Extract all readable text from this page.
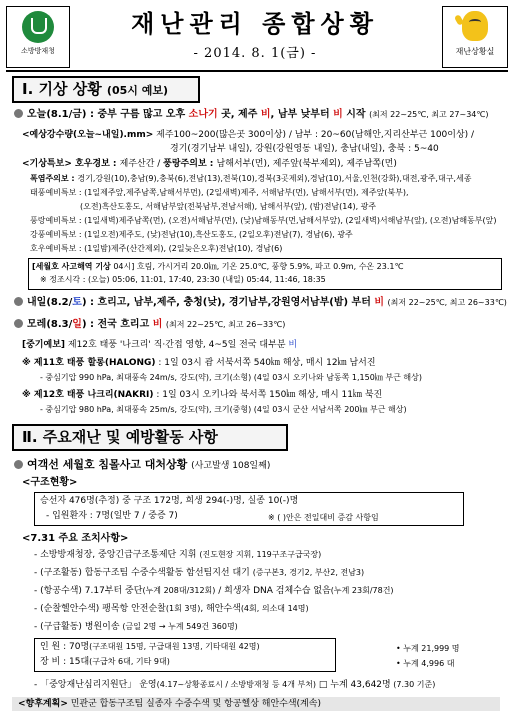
소방방재청
재난관리 종합상황
- 2014. 8. 1(금) -	재난상황실
Ⅰ. 기상 상황 (05시 예보)
오늘(8.1/금) : 중부 구름 많고 오후 소나기 곳, 제주 비, 남부 낮부터 비 시작 (최저 22~25℃, 최고 27~34℃)
<예상강수량(오늘~내일).mm> 제주100~200(많은곳 300이상) / 남부 : 20~60(남해안,지리산부근 100이상) /
경기(경기남부 내일), 강원(강원영동 내일), 충남(내일), 충북 : 5~40
<기상특보> 호우경보 : 제주산간 / 풍랑주의보 : 남해서부(먼), 제주앞(북부제외), 제주남쪽(먼)
폭염주의보 : 경기,강원(10),충남(9),충북(6),전남(13),전북(10),경북(3곳제외),경남(10),서울,인천(강화),대전,광주,대구,세종
태풍예비특보 : (1일제주앞,제주남쪽,남해서부먼), (2일새벽)제주, 서해남부(먼), 남해서부(먼), 제주앞(북부),
(오전)흑산도홍도, 서해남부앞(전북남부,전남서해), 남해서부(앞), (밤)전남(14), 광주
풍랑예비특보 : (1일새벽)제주남쪽(먼), (오전)서해남부(먼), (낮)남해동부(먼,남해서부앞), (2일새벽)서해남부(앞), (오전)남해동부(앞)
강풍예비특보 : (1일오전)제주도, (낮)전남(10),흑산도홍도, (2일오후)전남(7), 경남(6), 광주
호우예비특보 : (1일밤)제주(산간제외), (2일늦은오후)전남(10), 경남(6)
[세월호 사고해역 기상 04시] 흐림, 가시거리 20.0㎞, 기온 25.0℃, 풍향 5.9%, 파고 0.9m, 수온 23.1℃
※ 정조시각 : (오늘) 05:06, 11:01, 17:40, 23:30 (내일) 05:44, 11:46, 18:35
내일(8.2/토) : 흐리고, 남부,제주, 충청(낮), 경기남부,강원영서남부(밤) 부터 비 (최저 22~25℃, 최고 26~33℃)
모레(8.3/일) : 전국 흐리고 비 (최저 22~25℃, 최고 26~33℃)
[중기예보] 제12호 태풍 '나크리' 직·간접 영향, 4~5일 전국 대부분 비
※ 제11호 태풍 할롱(HALONG) : 1일 03시 괌 서북서쪽 540㎞ 해상, 매시 12㎞ 남서진
- 중심기압 990 hPa, 최대풍속 24m/s, 강도(약), 크기(소형) (4일 03시 오키나와 남동쪽 1,150㎞ 부근 해상)
※ 제12호 태풍 나크리(NAKRI) : 1일 03시 오키나와 북서쪽 150㎞ 해상, 매시 11㎞ 북진
- 중심기압 980 hPa, 최대풍속 25m/s, 강도(약), 크기(중형) (4일 03시 군산 서남서쪽 200㎞ 부근 해상)
Ⅱ. 주요재난 및 예방활동 사항
여객선 세월호 침몰사고 대처상황 (사고발생 108일째)
<구조현황>
승선자 476명(추정) 중 구조 172명, 희생 294(-)명, 실종 10(-)명
- 입원환자 : 7명(일반 7 / 중증 7)	※ ( )안은 전일대비 증감 사항임
<7.31 주요 조치사항>
- 소방방재청장, 중앙긴급구조통제단 지휘 (진도현장 지휘, 119구조구급국장)
- (구조활동) 합동구조팀 수중수색활동 함선팀지선 대기 (증구본3, 경기2, 부산2, 전남3)
- (항공수색) 7.17부터 중단(누계 208대/312회) / 희생자 DNA 검체수습 없음(누계 23회/78건)
- (순찰헬안수색) 팽목항 안전순찰(1회 3명), 해안수색(4회, 의소대 14명)
- (구급활동) 병원이송 (금일 2명 → 누계 549건 360명)
인 원 : 70명(구조대원 15명, 구급대원 13명, 기타대원 42명)	• 누계 21,999 명
장 비 : 15대(구급차 6대, 기타 9대)	• 누계 4,996 대
- 「중앙재난심리지원단」 운영(4.17~상황종료시 / 소방방재청 등 4개 부처) □ 누계 43,642명 (7.30 기준)
<향후계획> 민관군 합동구조팀 실종자 수중수색 및 항공헬상 해안수색(계속)
